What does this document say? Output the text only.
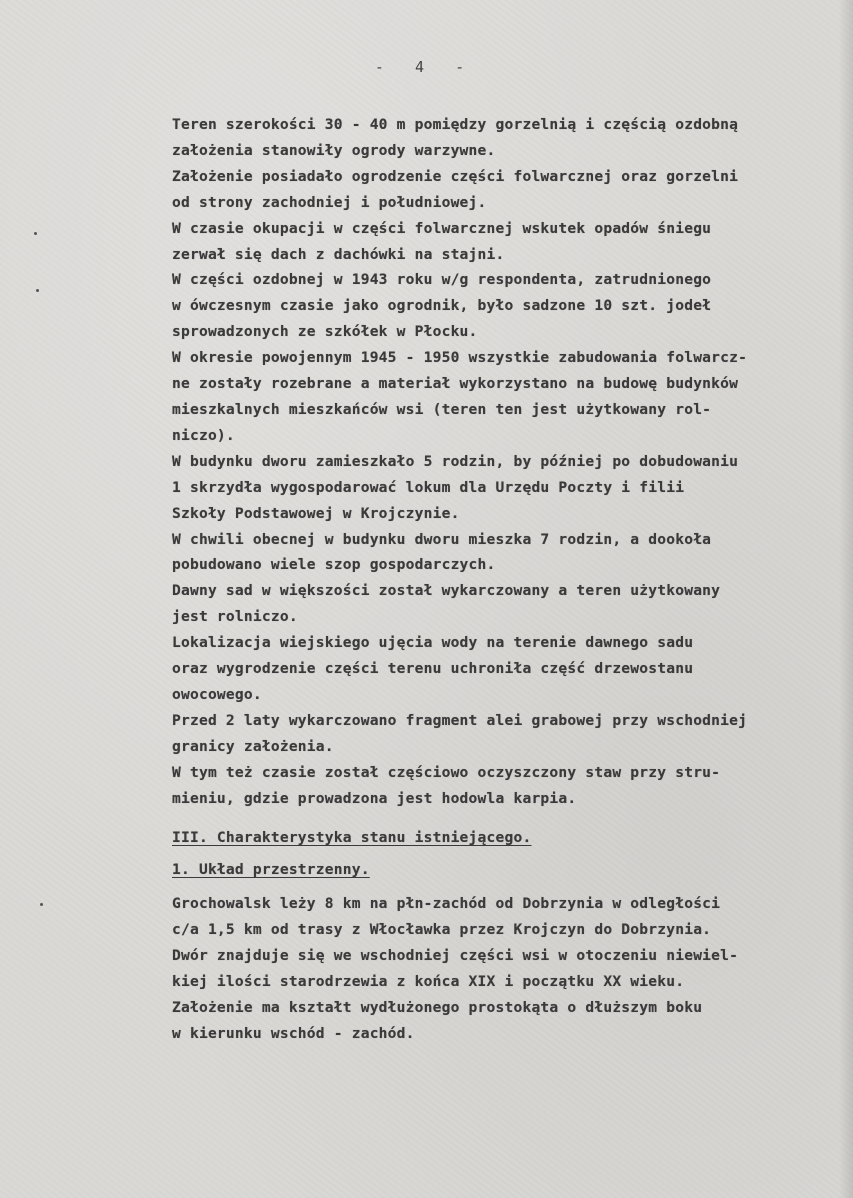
-   4   -
Teren szerokości 30 - 40 m pomiędzy gorzelnią i częścią ozdobną
założenia stanowiły ogrody warzywne.
Założenie posiadało ogrodzenie części folwarcznej oraz gorzelni
od strony zachodniej i południowej.
W czasie okupacji w części folwarcznej wskutek opadów śniegu
zerwał się dach z dachówki na stajni.
W części ozdobnej w 1943 roku w/g respondenta, zatrudnionego
w ówczesnym czasie jako ogrodnik, było sadzone 10 szt. jodeł
sprowadzonych ze szkółek w Płocku.
W okresie powojennym 1945 - 1950 wszystkie zabudowania folwarcz-
ne zostały rozebrane a materiał wykorzystano na budowę budynków
mieszkalnych mieszkańców wsi (teren ten jest użytkowany rol-
niczo).
W budynku dworu zamieszkało 5 rodzin, by później po dobudowaniu
1 skrzydła wygospodarować lokum dla Urzędu Poczty i filii
Szkoły Podstawowej w Krojczynie.
W chwili obecnej w budynku dworu mieszka 7 rodzin, a dookoła
pobudowano wiele szop gospodarczych.
Dawny sad w większości został wykarczowany a teren użytkowany
jest rolniczo.
Lokalizacja wiejskiego ujęcia wody na terenie dawnego sadu
oraz wygrodzenie części terenu uchroniła część drzewostanu
owocowego.
Przed 2 laty wykarczowano fragment alei grabowej przy wschodniej
granicy założenia.
W tym też czasie został częściowo oczyszczony staw przy stru-
mieniu, gdzie prowadzona jest hodowla karpia.
III. Charakterystyka stanu istniejącego.
1. Układ przestrzenny.
Grochowalsk leży 8 km na płn-zachód od Dobrzynia w odległości
c/a 1,5 km od trasy z Włocławka przez Krojczyn do Dobrzynia.
Dwór znajduje się we wschodniej części wsi w otoczeniu niewiel-
kiej ilości starodrzewia z końca XIX i początku XX wieku.
Założenie ma kształt wydłużonego prostokąta o dłuższym boku
w kierunku wschód - zachód.
